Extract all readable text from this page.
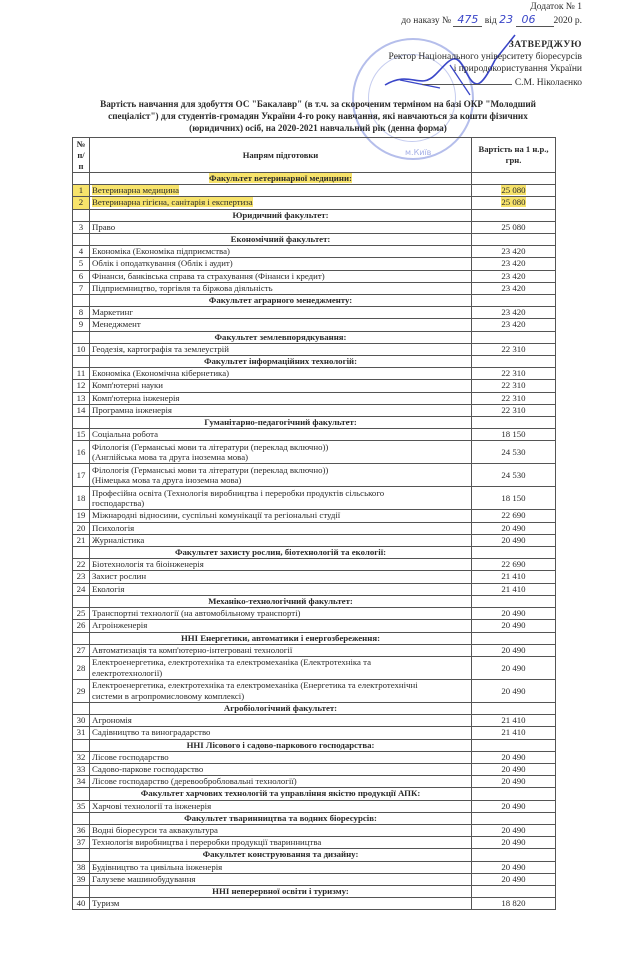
м.Київ
Додаток № 1
до наказу № 475 від 23 06 2020 р.
ЗАТВЕРДЖУЮ
Ректор Національного університету біоресурсів
і природокористування України
С.М. Ніколаєнко
Вартість навчання для здобуття ОС "Бакалавр" (в т.ч. за скороченим терміном на базі ОКР "Молодший спеціаліст") для студентів-громадян України 4-го року навчання, які навчаються за кошти фізичних (юридичних) осіб, на 2020-2021 навчальний рік (денна форма)
№ п/п	Напрям підготовки	Вартість на 1 н.р., грн.
	Факультет ветеринарної медицини:	
1	Ветеринарна медицина	25 080
2	Ветеринарна гігієна, санітарія і експертиза	25 080
	Юридичний факультет:	
3	Право	25 080
	Економічний факультет:	
4	Економіка (Економіка підприємства)	23 420
5	Облік і оподаткування (Облік і аудит)	23 420
6	Фінанси, банківська справа та страхування (Фінанси і кредит)	23 420
7	Підприємництво, торгівля та біржова діяльність	23 420
	Факультет аграрного менеджменту:	
8	Маркетинг	23 420
9	Менеджмент	23 420
	Факультет землевпорядкування:	
10	Геодезія, картографія та землеустрій	22 310
	Факультет інформаційних технологій:	
11	Економіка (Економічна кібернетика)	22 310
12	Комп'ютерні науки	22 310
13	Комп'ютерна інженерія	22 310
14	Програмна інженерія	22 310
	Гуманітарно-педагогічний факультет:	
15	Соціальна робота	18 150
16	Філологія (Германські мови та літератури (переклад включно))
(Англійська мова та друга іноземна мова)	24 530
17	Філологія (Германські мови та літератури (переклад включно))
(Німецька мова та друга іноземна мова)	24 530
18	Професійна освіта (Технологія виробництва і переробки продуктів сільського
господарства)	18 150
19	Міжнародні відносини, суспільні комунікації та регіональні студії	22 690
20	Психологія	20 490
21	Журналістика	20 490
	Факультет захисту рослин, біотехнологій та екології:	
22	Біотехнологія та біоінженерія	22 690
23	Захист рослин	21 410
24	Екологія	21 410
	Механіко-технологічний факультет:	
25	Транспортні технології (на автомобільному транспорті)	20 490
26	Агроінженерія	20 490
	ННІ Енергетики, автоматики і енергозбереження:	
27	Автоматизація та комп'ютерно-інтегровані технології	20 490
28	Електроенергетика, електротехніка та електромеханіка (Електротехніка та
електротехнології)	20 490
29	Електроенергетика, електротехніка та електромеханіка (Енергетика та електротехнічні
системи в агропромисловому комплексі)	20 490
	Агробіологічний факультет:	
30	Агрономія	21 410
31	Садівництво та виноградарство	21 410
	ННІ Лісового і садово-паркового господарства:	
32	Лісове господарство	20 490
33	Садово-паркове господарство	20 490
34	Лісове господарство (деревообробловальні технології)	20 490
	Факультет харчових технологій та управління якістю продукції АПК:	
35	Харчові технології та інженерія	20 490
	Факультет тваринництва та водних біоресурсів:	
36	Водні біоресурси та аквакультура	20 490
37	Технологія виробництва і переробки продукції тваринництва	20 490
	Факультет конструювання та дизайну:	
38	Будівництво та цивільна інженерія	20 490
39	Галузеве машинобудування	20 490
	ННІ неперервної освіти і туризму:	
40	Туризм	18 820
